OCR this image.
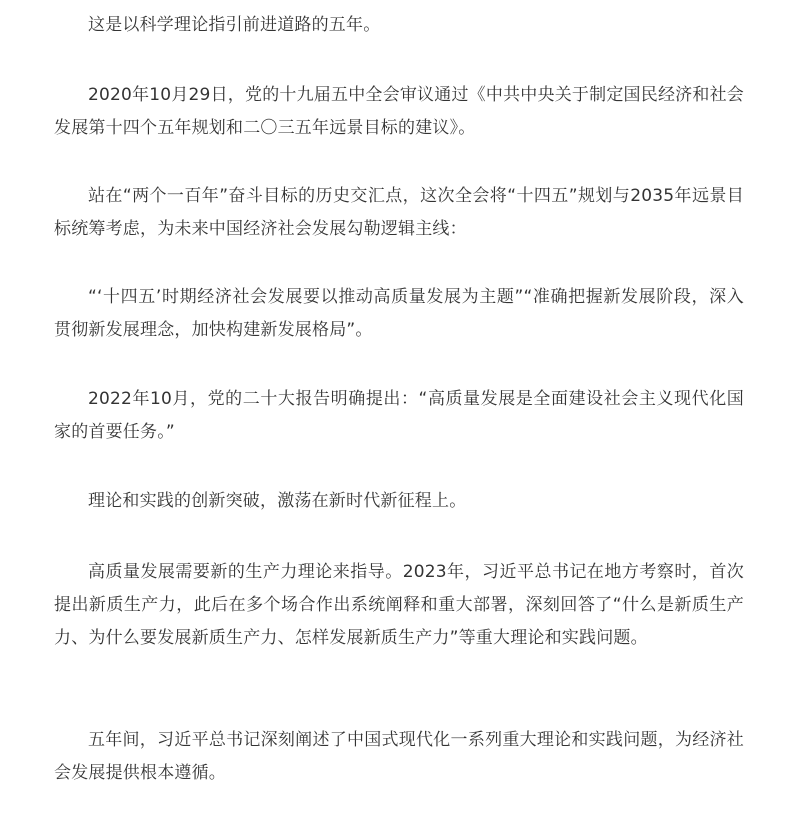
这是以科学理论指引前进道路的五年。

2020年10月29日，党的十九届五中全会审议通过《中共中央关于制定国民经济和社会发展第十四个五年规划和二〇三五年远景目标的建议》。

站在“两个一百年”奋斗目标的历史交汇点，这次全会将“十四五”规划与2035年远景目标统筹考虑，为未来中国经济社会发展勾勒逻辑主线：

“‘十四五’时期经济社会发展要以推动高质量发展为主题”“准确把握新发展阶段，深入贯彻新发展理念，加快构建新发展格局”。

2022年10月，党的二十大报告明确提出：“高质量发展是全面建设社会主义现代化国家的首要任务。”

理论和实践的创新突破，激荡在新时代新征程上。

高质量发展需要新的生产力理论来指导。2023年，习近平总书记在地方考察时，首次提出新质生产力，此后在多个场合作出系统阐释和重大部署，深刻回答了“什么是新质生产力、为什么要发展新质生产力、怎样发展新质生产力”等重大理论和实践问题。

五年间，习近平总书记深刻阐述了中国式现代化一系列重大理论和实践问题，为经济社会发展提供根本遵循。
